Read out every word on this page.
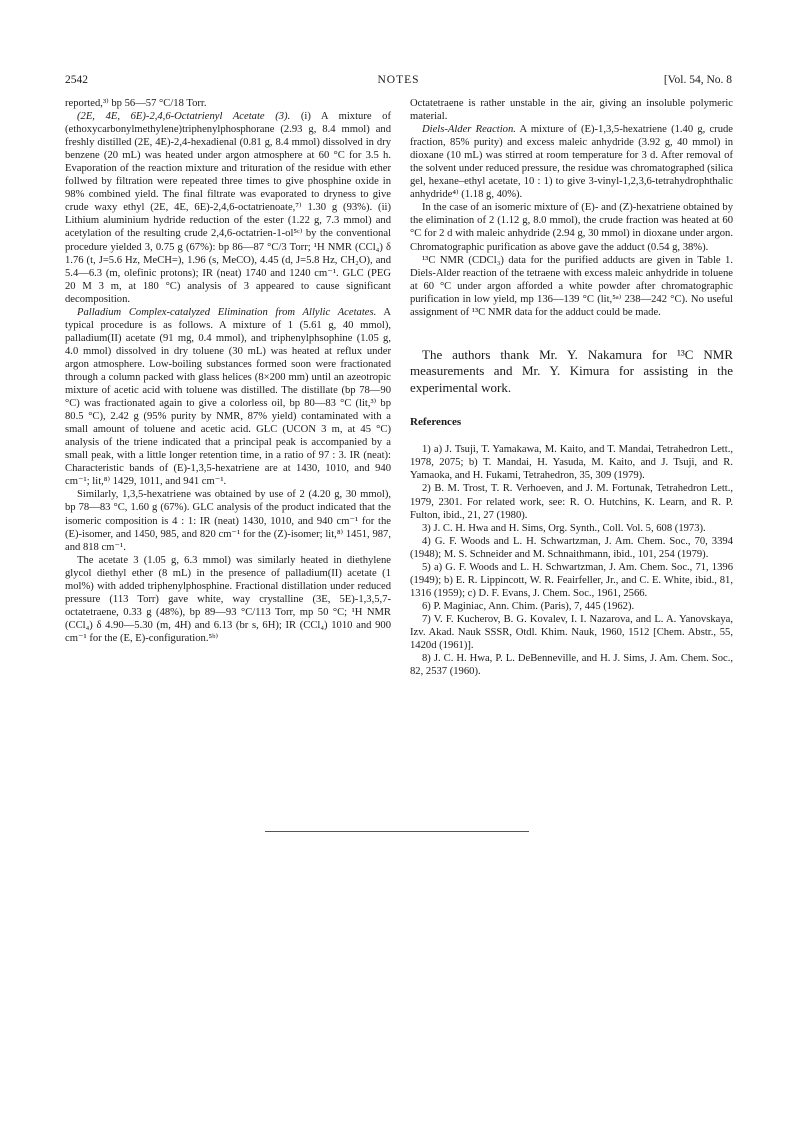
2542	NOTES	[Vol. 54, No. 8

reported,³⁾ bp 56—57 °C/18 Torr.

(2E, 4E, 6E)-2,4,6-Octatrienyl Acetate (3). (i) A mixture of (ethoxycarbonylmethylene)triphenylphosphorane (2.93 g, 8.4 mmol) and freshly distilled (2E, 4E)-2,4-hexadienal (0.81 g, 8.4 mmol) dissolved in dry benzene (20 mL) was heated under argon atmosphere at 60 °C for 3.5 h. Evaporation of the reaction mixture and trituration of the residue with ether follwed by filtration were repeated three times to give phosphine oxide in 98% combined yield. The final filtrate was evaporated to dryness to give crude waxy ethyl (2E, 4E, 6E)-2,4,6-octatrienoate,⁷⁾ 1.30 g (93%). (ii) Lithium aluminium hydride reduction of the ester (1.22 g, 7.3 mmol) and acetylation of the resulting crude 2,4,6-octatrien-1-ol⁵ᶜ⁾ by the conventional procedure yielded 3, 0.75 g (67%): bp 86—87 °C/3 Torr; ¹H NMR (CCl₄) δ 1.76 (t, J=5.6 Hz, MeCH=), 1.96 (s, MeCO), 4.45 (d, J=5.8 Hz, CH₂O), and 5.4—6.3 (m, olefinic protons); IR (neat) 1740 and 1240 cm⁻¹. GLC (PEG 20 M 3 m, at 180 °C) analysis of 3 appeared to cause significant decomposition.

Palladium Complex-catalyzed Elimination from Allylic Acetates. A typical procedure is as follows. A mixture of 1 (5.61 g, 40 mmol), palladium(II) acetate (91 mg, 0.4 mmol), and triphenylphsophine (1.05 g, 4.0 mmol) dissolved in dry toluene (30 mL) was heated at reflux under argon atmosphere. Low-boiling substances formed soon were fractionated through a column packed with glass helices (8×200 mm) until an azeotropic mixture of acetic acid with toluene was distilled. The distillate (bp 78—90 °C) was fractionated again to give a colorless oil, bp 80—83 °C (lit,³⁾ bp 80.5 °C), 2.42 g (95% purity by NMR, 87% yield) contaminated with a small amount of toluene and acetic acid. GLC (UCON 3 m, at 45 °C) analysis of the triene indicated that a principal peak is accompanied by a small peak, with a little longer retention time, in a ratio of 97 : 3. IR (neat): Characteristic bands of (E)-1,3,5-hexatriene are at 1430, 1010, and 940 cm⁻¹; lit,⁸⁾ 1429, 1011, and 941 cm⁻¹.

Similarly, 1,3,5-hexatriene was obtained by use of 2 (4.20 g, 30 mmol), bp 78—83 °C, 1.60 g (67%). GLC analysis of the product indicated that the isomeric composition is 4 : 1: IR (neat) 1430, 1010, and 940 cm⁻¹ for the (E)-isomer, and 1450, 985, and 820 cm⁻¹ for the (Z)-isomer; lit,⁸⁾ 1451, 987, and 818 cm⁻¹.

The acetate 3 (1.05 g, 6.3 mmol) was similarly heated in diethylene glycol diethyl ether (8 mL) in the presence of palladium(II) acetate (1 mol%) with added triphenylphosphine. Fractional distillation under reduced pressure (113 Torr) gave white, way crystalline (3E, 5E)-1,3,5,7-octatetraene, 0.33 g (48%), bp 89—93 °C/113 Torr, mp 50 °C; ¹H NMR (CCl₄) δ 4.90—5.30 (m, 4H) and 6.13 (br s, 6H); IR (CCl₄) 1010 and 900 cm⁻¹ for the (E, E)-configuration.⁵ᵇ⁾

Octatetraene is rather unstable in the air, giving an insoluble polymeric material.

Diels-Alder Reaction. A mixture of (E)-1,3,5-hexatriene (1.40 g, crude fraction, 85% purity) and excess maleic anhydride (3.92 g, 40 mmol) in dioxane (10 mL) was stirred at room temperature for 3 d. After removal of the solvent under reduced pressure, the residue was chromatographed (silica gel, hexane–ethyl acetate, 10 : 1) to give 3-vinyl-1,2,3,6-tetrahydrophthalic anhydride⁴⁾ (1.18 g, 40%).

In the case of an isomeric mixture of (E)- and (Z)-hexatriene obtained by the elimination of 2 (1.12 g, 8.0 mmol), the crude fraction was heated at 60 °C for 2 d with maleic anhydride (2.94 g, 30 mmol) in dioxane under argon. Chromatographic purification as above gave the adduct (0.54 g, 38%).

¹³C NMR (CDCl₃) data for the purified adducts are given in Table 1. Diels-Alder reaction of the tetraene with excess maleic anhydride in toluene at 60 °C under argon afforded a white powder after chromatographic purification in low yield, mp 136—139 °C (lit,⁵ᵃ⁾ 238—242 °C). No useful assignment of ¹³C NMR data for the adduct could be made.

The authors thank Mr. Y. Nakamura for ¹³C NMR measurements and Mr. Y. Kimura for assisting in the experimental work.

References

1) a) J. Tsuji, T. Yamakawa, M. Kaito, and T. Mandai, Tetrahedron Lett., 1978, 2075; b) T. Mandai, H. Yasuda, M. Kaito, and J. Tsuji, and R. Yamaoka, and H. Fukami, Tetrahedron, 35, 309 (1979).

2) B. M. Trost, T. R. Verhoeven, and J. M. Fortunak, Tetrahedron Lett., 1979, 2301. For related work, see: R. O. Hutchins, K. Learn, and R. P. Fulton, ibid., 21, 27 (1980).

3) J. C. H. Hwa and H. Sims, Org. Synth., Coll. Vol. 5, 608 (1973).

4) G. F. Woods and L. H. Schwartzman, J. Am. Chem. Soc., 70, 3394 (1948); M. S. Schneider and M. Schnaithmann, ibid., 101, 254 (1979).

5) a) G. F. Woods and L. H. Schwartzman, J. Am. Chem. Soc., 71, 1396 (1949); b) E. R. Lippincott, W. R. Feairfeller, Jr., and C. E. White, ibid., 81, 1316 (1959); c) D. F. Evans, J. Chem. Soc., 1961, 2566.

6) P. Maginiac, Ann. Chim. (Paris), 7, 445 (1962).

7) V. F. Kucherov, B. G. Kovalev, I. I. Nazarova, and L. A. Yanovskaya, Izv. Akad. Nauk SSSR, Otdl. Khim. Nauk, 1960, 1512 [Chem. Abstr., 55, 1420d (1961)].

8) J. C. H. Hwa, P. L. DeBenneville, and H. J. Sims, J. Am. Chem. Soc., 82, 2537 (1960).
